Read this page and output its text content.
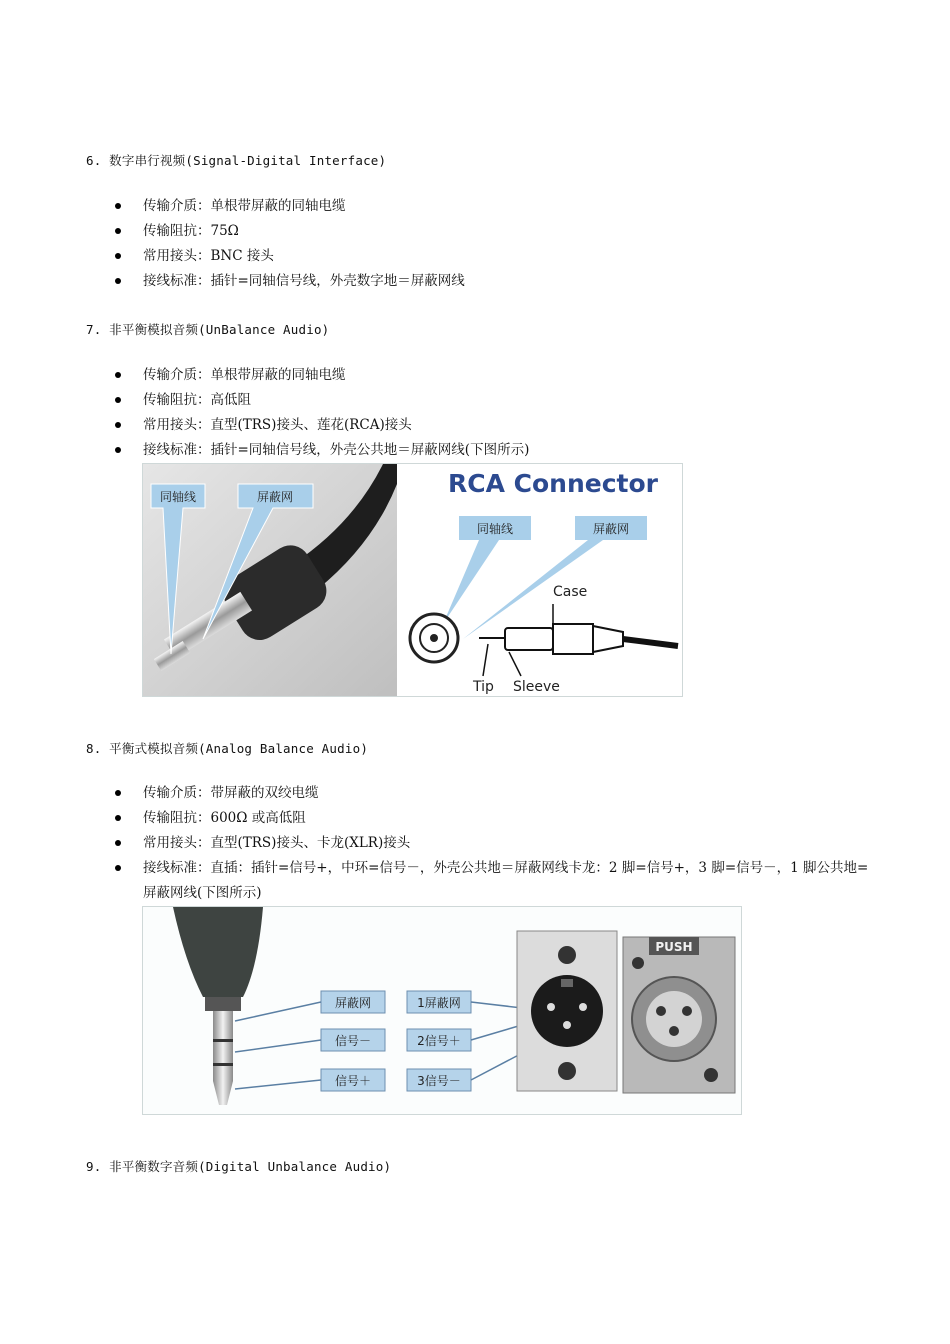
6. 数字串行视频(Signal-Digital Interface)
传输介质：单根带屏蔽的同轴电缆
传输阻抗：75Ω
常用接头：BNC 接头
接线标准：插针=同轴信号线，外壳数字地＝屏蔽网线
7. 非平衡模拟音频(UnBalance Audio)
传输介质：单根带屏蔽的同轴电缆
传输阻抗：高低阻
常用接头：直型(TRS)接头、莲花(RCA)接头
接线标准：插针=同轴信号线，外壳公共地＝屏蔽网线(下图所示)
同轴线	屏蔽网	RCA Connector
同轴线	屏蔽网
Case
Tip Sleeve
8. 平衡式模拟音频(Analog Balance Audio)
传输介质：带屏蔽的双绞电缆
传输阻抗：600Ω 或高低阻
常用接头：直型(TRS)接头、卡龙(XLR)接头
接线标准：直插：插针=信号+，中环=信号－，外壳公共地＝屏蔽网线卡龙：2 脚=信号+，3 脚=信号－，1 脚公共地=屏蔽网线(下图所示)
屏蔽网
信号－
信号＋
1屏蔽网
2信号＋
3信号－
PUSH
9. 非平衡数字音频(Digital Unbalance Audio)
